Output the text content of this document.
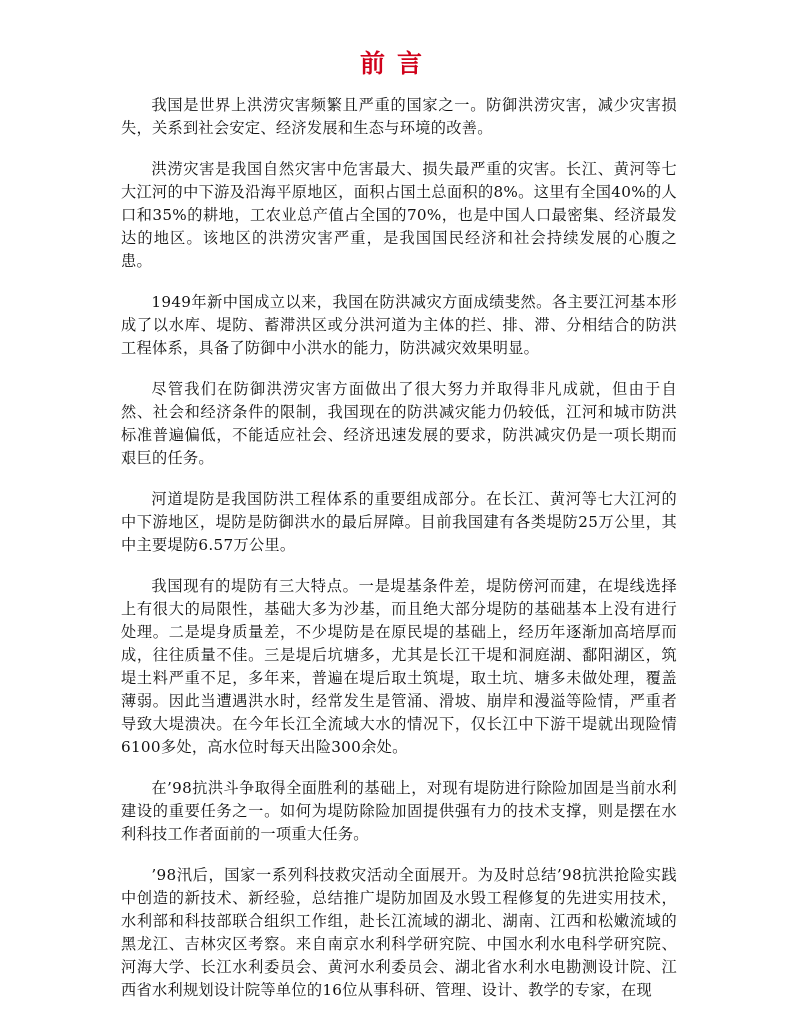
前言

我国是世界上洪涝灾害频繁且严重的国家之一。防御洪涝灾害，减少灾害损失，关系到社会安定、经济发展和生态与环境的改善。

洪涝灾害是我国自然灾害中危害最大、损失最严重的灾害。长江、黄河等七大江河的中下游及沿海平原地区，面积占国土总面积的8%。这里有全国40%的人口和35%的耕地，工农业总产值占全国的70%，也是中国人口最密集、经济最发达的地区。该地区的洪涝灾害严重，是我国国民经济和社会持续发展的心腹之患。

1949年新中国成立以来，我国在防洪减灾方面成绩斐然。各主要江河基本形成了以水库、堤防、蓄滞洪区或分洪河道为主体的拦、排、滞、分相结合的防洪工程体系，具备了防御中小洪水的能力，防洪减灾效果明显。

尽管我们在防御洪涝灾害方面做出了很大努力并取得非凡成就，但由于自然、社会和经济条件的限制，我国现在的防洪减灾能力仍较低，江河和城市防洪标准普遍偏低，不能适应社会、经济迅速发展的要求，防洪减灾仍是一项长期而艰巨的任务。

河道堤防是我国防洪工程体系的重要组成部分。在长江、黄河等七大江河的中下游地区，堤防是防御洪水的最后屏障。目前我国建有各类堤防25万公里，其中主要堤防6.57万公里。

我国现有的堤防有三大特点。一是堤基条件差，堤防傍河而建，在堤线选择上有很大的局限性，基础大多为沙基，而且绝大部分堤防的基础基本上没有进行处理。二是堤身质量差，不少堤防是在原民堤的基础上，经历年逐渐加高培厚而成，往往质量不佳。三是堤后坑塘多，尤其是长江干堤和洞庭湖、鄱阳湖区，筑堤土料严重不足，多年来，普遍在堤后取土筑堤，取土坑、塘多未做处理，覆盖薄弱。因此当遭遇洪水时，经常发生是管涌、滑坡、崩岸和漫溢等险情，严重者导致大堤溃决。在今年长江全流域大水的情况下，仅长江中下游干堤就出现险情6100多处，高水位时每天出险300余处。

在’98抗洪斗争取得全面胜利的基础上，对现有堤防进行除险加固是当前水利建设的重要任务之一。如何为堤防除险加固提供强有力的技术支撑，则是摆在水利科技工作者面前的一项重大任务。

’98汛后，国家一系列科技救灾活动全面展开。为及时总结’98抗洪抢险实践中创造的新技术、新经验，总结推广堤防加固及水毁工程修复的先进实用技术，水利部和科技部联合组织工作组，赴长江流域的湖北、湖南、江西和松嫩流域的黑龙江、吉林灾区考察。来自南京水利科学研究院、中国水利水电科学研究院、河海大学、长江水利委员会、黄河水利委员会、湖北省水利水电勘测设计院、江西省水利规划设计院等单位的16位从事科研、管理、设计、教学的专家，在现
